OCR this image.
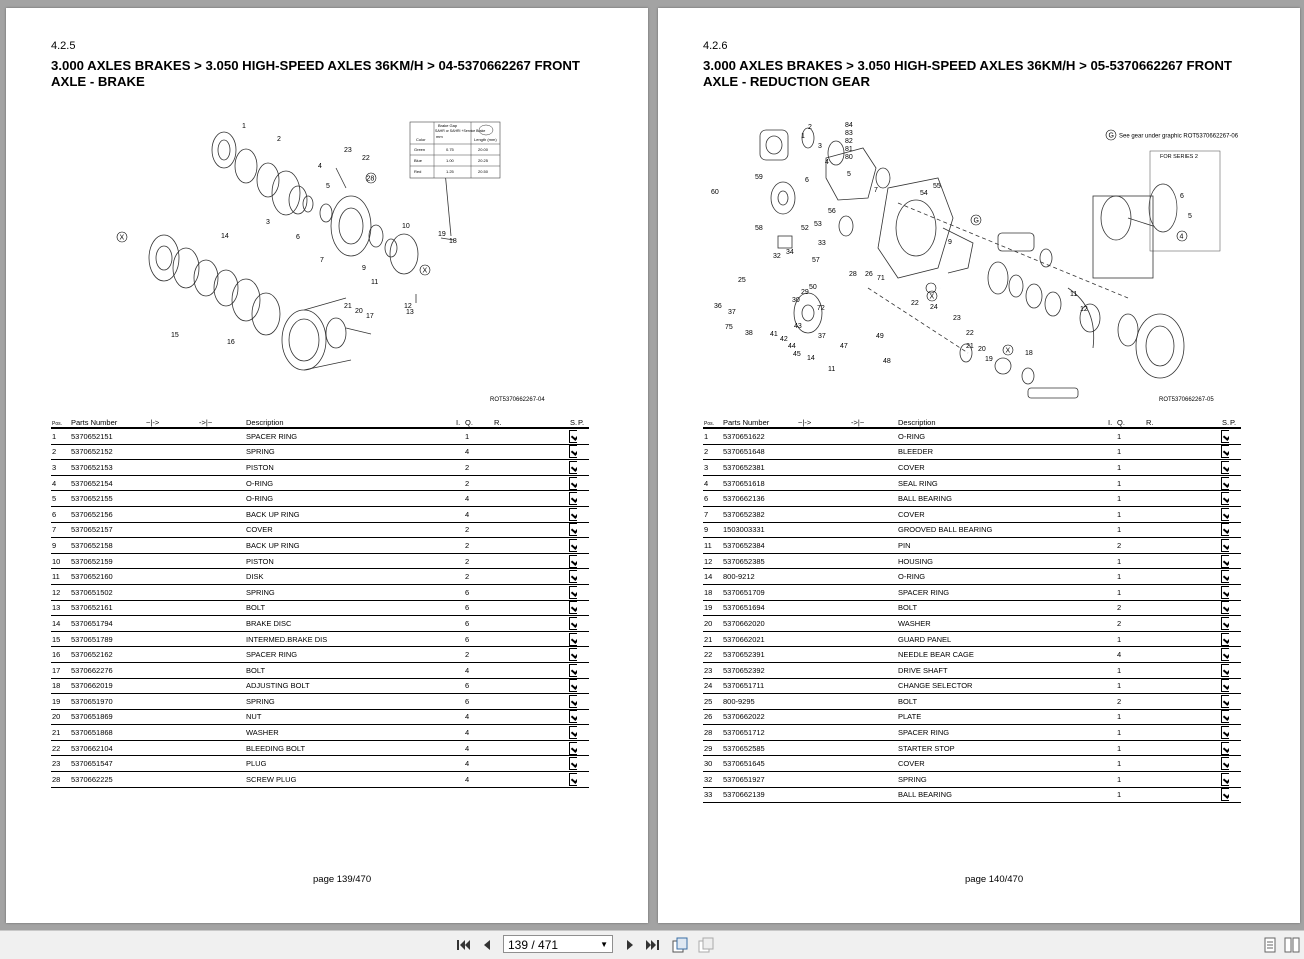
4.2.5
3.000 AXLES BRAKES > 3.050 HIGH-SPEED AXLES 36KM/H > 04-5370662267 FRONT AXLE - BRAKE
1
2
23
22
4
5
3
6
7
10
19
18
14
9
11
12
13
21
20
17
15
16
X
X
28
Brake Gap
SAHR or SAHRI +Service Brake
mm
Color	Length (mm)
Green	0.75	20.00
Blue	1.00	20.25
Red	1.25	20.50
ROT5370662267-04
Pos.	Parts Number	~|->	->|~	Description	I.	Q.	R.	S.	P.
1	5370652151			SPACER RING		1			
2	5370652152			SPRING		4			
3	5370652153			PISTON		2			
4	5370652154			O-RING		2			
5	5370652155			O-RING		4			
6	5370652156			BACK UP RING		4			
7	5370652157			COVER		2			
9	5370652158			BACK UP RING		2			
10	5370652159			PISTON		2			
11	5370652160			DISK		2			
12	5370651502			SPRING		6			
13	5370652161			BOLT		6			
14	5370651794			BRAKE DISC		6			
15	5370651789			INTERMED.BRAKE DIS		6			
16	5370652162			SPACER RING		2			
17	5370662276			BOLT		4			
18	5370662019			ADJUSTING BOLT		6			
19	5370651970			SPRING		6			
20	5370651869			NUT		4			
21	5370651868			WASHER		4			
22	5370662104			BLEEDING BOLT		4			
23	5370651547			PLUG		4			
28	5370662225			SCREW PLUG		4			
page 139/470
4.2.6
3.000 AXLES BRAKES > 3.050 HIGH-SPEED AXLES 36KM/H > 05-5370662267 FRONT AXLE - REDUCTION GEAR
84
83
82
81
80
2
1
3
59
60
6
4
5
56
7
55
54
58	52
53
33
32
34
57
25
36
37
75
38
28 26
29
50
30
71
9
22
24
23
11
12
41
42
43
44
45
14
72
37	22
21 20
19
18
47
49
48
11
X
X
G
G See gear under graphic ROT5370662267-06
FOR SERIES 2
4
6
5
ROT5370662267-05
Pos.	Parts Number	~|->	->|~	Description	I.	Q.	R.	S.	P.
1	5370651622			O-RING		1			
2	5370651648			BLEEDER		1			
3	5370652381			COVER		1			
4	5370651618			SEAL RING		1			
6	5370662136			BALL BEARING		1			
7	5370652382			COVER		1			
9	1503003331			GROOVED BALL BEARING		1			
11	5370652384			PIN		2			
12	5370652385			HOUSING		1			
14	800-9212			O-RING		1			
18	5370651709			SPACER RING		1			
19	5370651694			BOLT		2			
20	5370662020			WASHER		2			
21	5370662021			GUARD PANEL		1			
22	5370652391			NEEDLE BEAR CAGE		4			
23	5370652392			DRIVE SHAFT		1			
24	5370651711			CHANGE SELECTOR		1			
25	800-9295			BOLT		2			
26	5370662022			PLATE		1			
28	5370651712			SPACER RING		1			
29	5370652585			STARTER STOP		1			
30	5370651645			COVER		1			
32	5370651927			SPRING		1			
33	5370662139			BALL BEARING		1			
page 140/470
139 / 471	▼
